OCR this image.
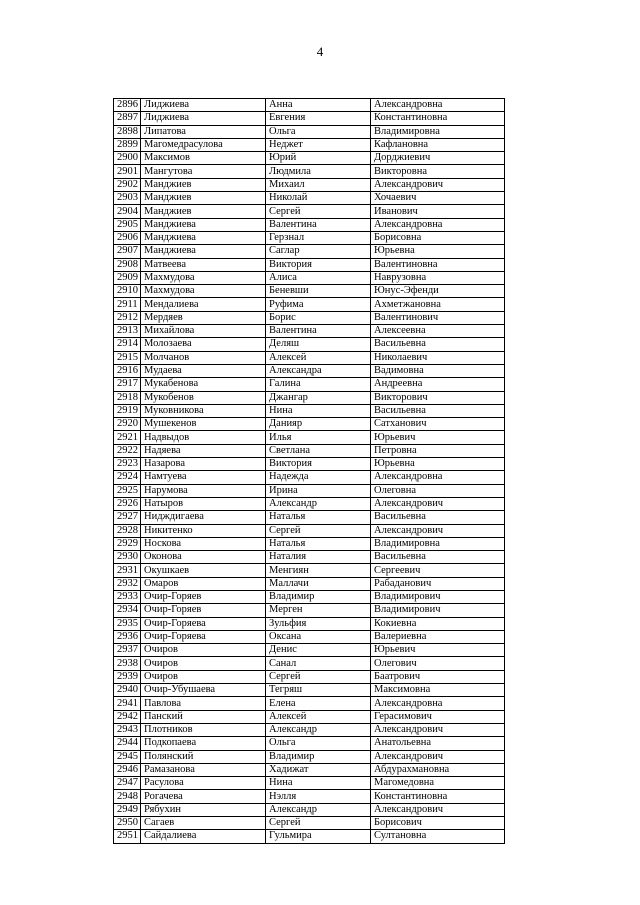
4
2896	Лиджиева	Анна	Александровна
2897	Лиджиева	Евгения	Константиновна
2898	Липатова	Ольга	Владимировна
2899	Магомедрасулова	Неджет	Кафлановна
2900	Максимов	Юрий	Дорджиевич
2901	Мангутова	Людмила	Викторовна
2902	Манджиев	Михаил	Александрович
2903	Манджиев	Николай	Хочаевич
2904	Манджиев	Сергей	Иванович
2905	Манджиева	Валентина	Александровна
2906	Манджиева	Герзнал	Борисовна
2907	Манджиева	Саглар	Юрьевна
2908	Матвеева	Виктория	Валентиновна
2909	Махмудова	Алиса	Наврузовна
2910	Махмудова	Беневши	Юнус-Эфенди
2911	Мендалиева	Руфима	Ахметжановна
2912	Мердяев	Борис	Валентинович
2913	Михайлова	Валентина	Алексеевна
2914	Молозаева	Деляш	Васильевна
2915	Молчанов	Алексей	Николаевич
2916	Мудаева	Александра	Вадимовна
2917	Мукабенова	Галина	Андреевна
2918	Мукобенов	Джангар	Викторович
2919	Муковникова	Нина	Васильевна
2920	Мушекенов	Данияр	Сатханович
2921	Надвыдов	Илья	Юрьевич
2922	Надяева	Светлана	Петровна
2923	Назарова	Виктория	Юрьевна
2924	Намтуева	Надежда	Александровна
2925	Нарумова	Ирина	Олеговна
2926	Натыров	Александр	Александрович
2927	Нидждигаева	Наталья	Васильевна
2928	Никитенко	Сергей	Александрович
2929	Носкова	Наталья	Владимировна
2930	Оконова	Наталия	Васильевна
2931	Окушкаев	Менгиян	Сергеевич
2932	Омаров	Маллачи	Рабаданович
2933	Очир-Горяев	Владимир	Владимирович
2934	Очир-Горяев	Мерген	Владимирович
2935	Очир-Горяева	Зульфия	Кокиевна
2936	Очир-Горяева	Оксана	Валериевна
2937	Очиров	Денис	Юрьевич
2938	Очиров	Санал	Олегович
2939	Очиров	Сергей	Баатрович
2940	Очир-Убушаева	Тегряш	Максимовна
2941	Павлова	Елена	Александровна
2942	Панский	Алексей	Герасимович
2943	Плотников	Александр	Александрович
2944	Подкопаева	Ольга	Анатольевна
2945	Полянский	Владимир	Александрович
2946	Рамазанова	Хадижат	Абдурахмановна
2947	Расулова	Нина	Магомедовна
2948	Рогачева	Нэлля	Константиновна
2949	Рябухин	Александр	Александрович
2950	Сагаев	Сергей	Борисович
2951	Сайдалиева	Гульмира	Султановна
